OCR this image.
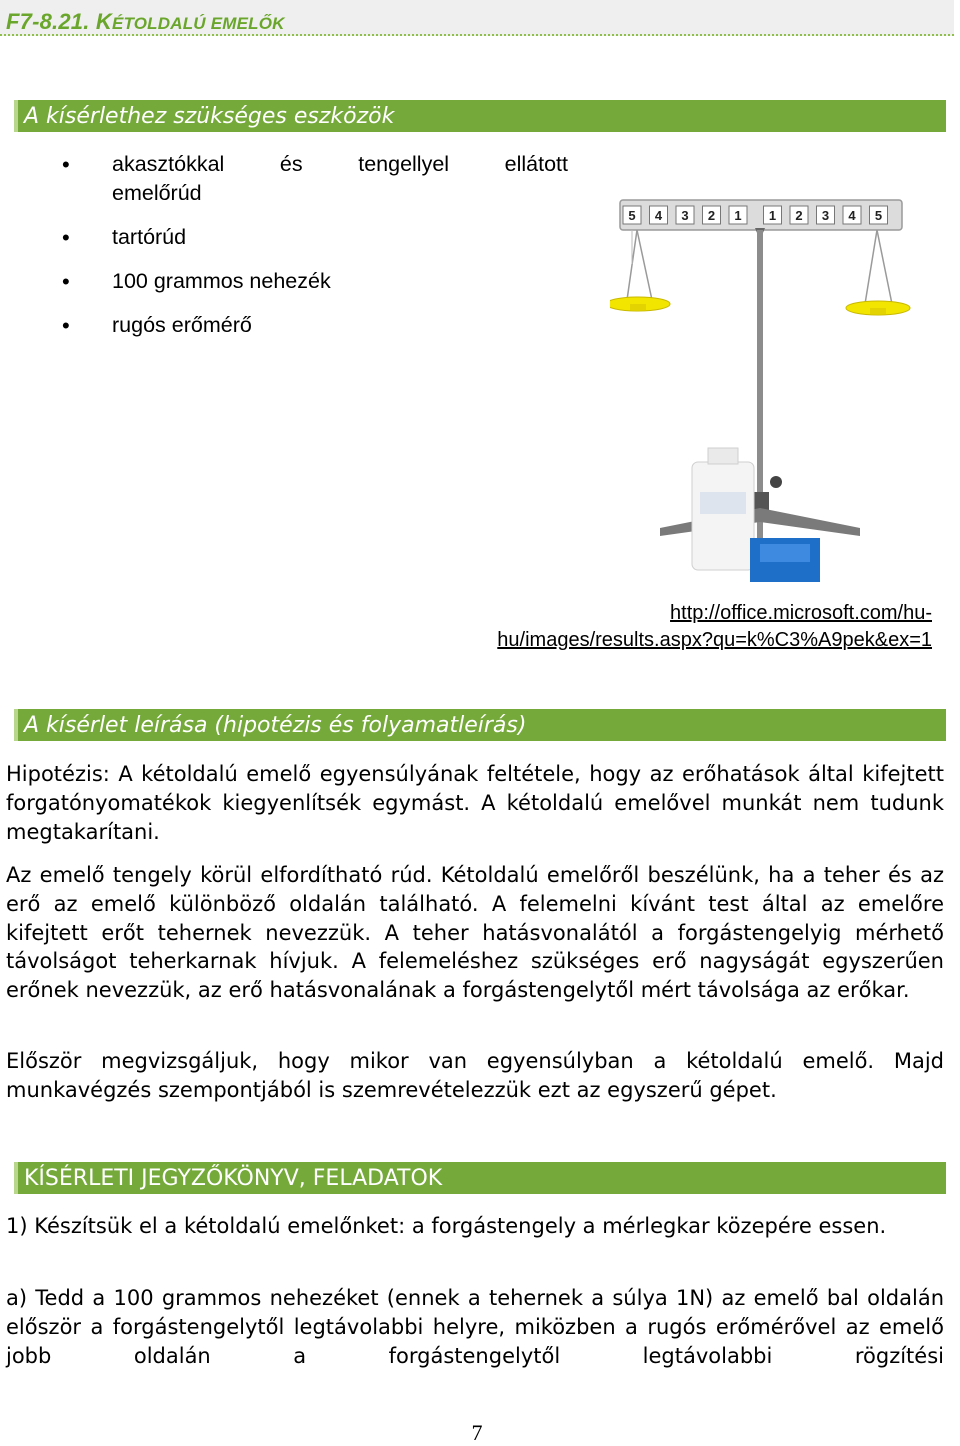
F7-8.21. KÉTOLDALÚ EMELŐK
A kísérlethez szükséges eszközök
• akasztókkal	és	tengellyel	ellátott
emelőrúd
• tartórúd
• 100 grammos nehezék
• rugós erőmérő
5 4 3 2 1 1 2 3 4 5
http://office.microsoft.com/hu-
hu/images/results.aspx?qu=k%C3%A9pek&ex=1
A kísérlet leírása (hipotézis és folyamatleírás)

Hipotézis: A kétoldalú emelő egyensúlyának feltétele, hogy az erőhatások által kifejtett forgatónyomatékok kiegyenlítsék egymást. A kétoldalú emelővel munkát nem tudunk megtakarítani.

Az emelő tengely körül elfordítható rúd. Kétoldalú emelőről beszélünk, ha a teher és az erő az emelő különböző oldalán található. A felemelni kívánt test által az emelőre kifejtett erőt tehernek nevezzük. A teher hatásvonalától a forgástengelyig mérhető távolságot teherkarnak hívjuk. A felemeléshez szükséges erő nagyságát egyszerűen erőnek nevezzük, az erő hatásvonalának a forgástengelytől mért távolsága az erőkar.

Először megvizsgáljuk, hogy mikor van egyensúlyban a kétoldalú emelő. Majd munkavégzés szempontjából is szemrevételezzük ezt az egyszerű gépet.

KÍSÉRLETI JEGYZŐKÖNYV, FELADATOK

1) Készítsük el a kétoldalú emelőnket: a forgástengely a mérlegkar közepére essen.

a) Tedd a 100 grammos nehezéket (ennek a tehernek a súlya 1N) az emelő bal oldalán először a forgástengelytől legtávolabbi helyre, miközben a rugós erőmérővel az emelő jobb oldalán a forgástengelytől legtávolabbi rögzítési

7
